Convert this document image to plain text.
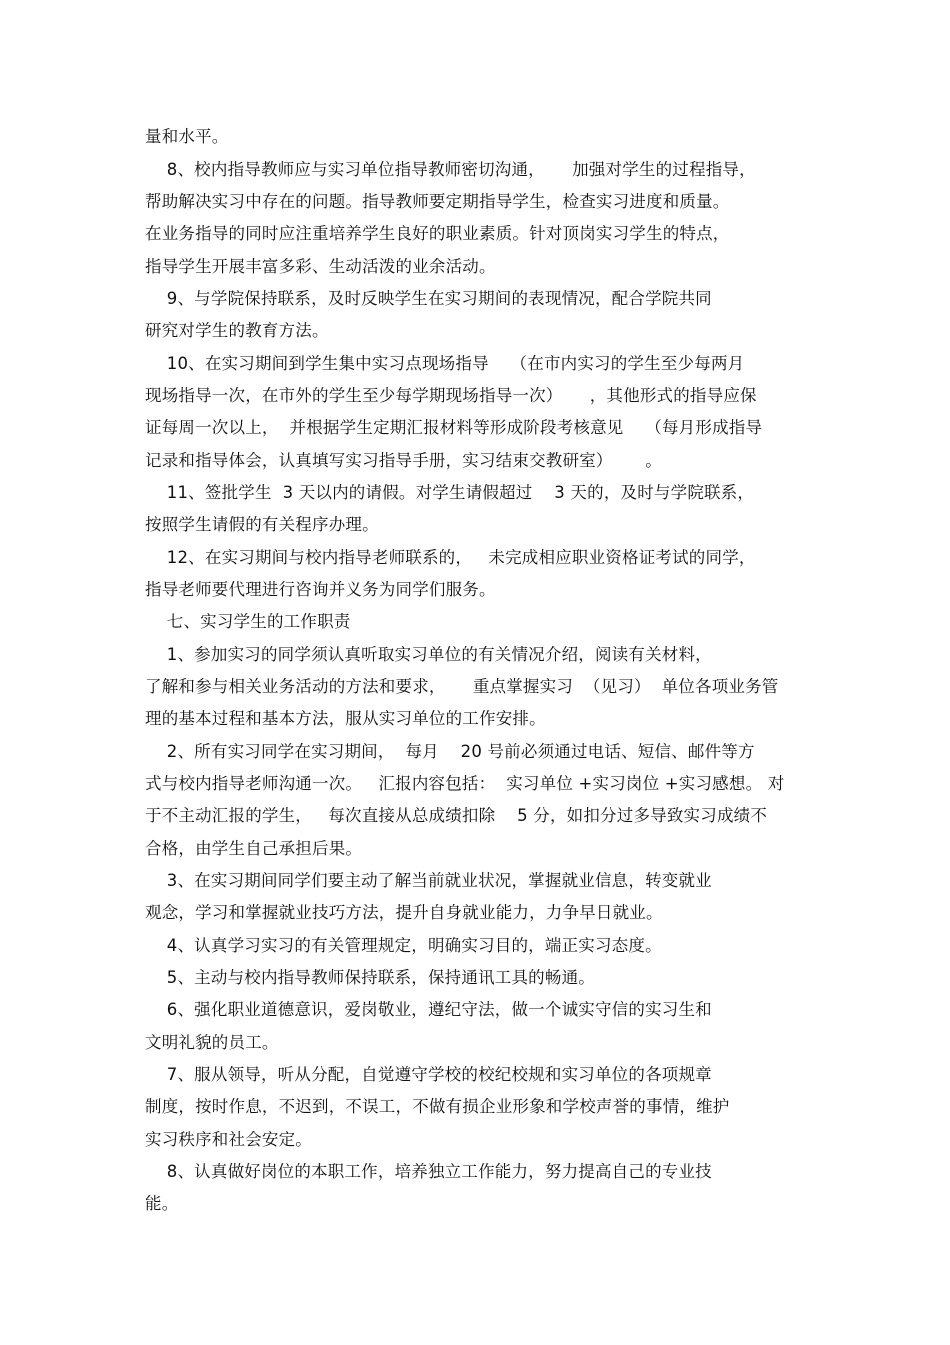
量和水平。
8、校内指导教师应与实习单位指导教师密切沟通，     加强对学生的过程指导，
帮助解决实习中存在的问题。指导教师要定期指导学生，检查实习进度和质量。
在业务指导的同时应注重培养学生良好的职业素质。针对顶岗实习学生的特点，
指导学生开展丰富多彩、生动活泼的业余活动。
9、与学院保持联系，及时反映学生在实习期间的表现情况，配合学院共同
研究对学生的教育方法。
10、在实习期间到学生集中实习点现场指导    （在市内实习的学生至少每两月
现场指导一次，在市外的学生至少每学期现场指导一次）     ，其他形式的指导应保
证每周一次以上，  并根据学生定期汇报材料等形成阶段考核意见    （每月形成指导
记录和指导体会，认真填写实习指导手册，实习结束交教研室）      。
11、签批学生  3 天以内的请假。对学生请假超过    3 天的，及时与学院联系，
按照学生请假的有关程序办理。
12、在实习期间与校内指导老师联系的，   未完成相应职业资格证考试的同学，
指导老师要代理进行咨询并义务为同学们服务。
七、实习学生的工作职责
1、参加实习的同学须认真听取实习单位的有关情况介绍，阅读有关材料，
了解和参与相关业务活动的方法和要求，     重点掌握实习  （见习）  单位各项业务管
理的基本过程和基本方法，服从实习单位的工作安排。
2、所有实习同学在实习期间，  每月    20 号前必须通过电话、短信、邮件等方
式与校内指导老师沟通一次。   汇报内容包括：  实习单位 +实习岗位 +实习感想。 对
于不主动汇报的学生，   每次直接从总成绩扣除    5 分，如扣分过多导致实习成绩不
合格，由学生自己承担后果。
3、在实习期间同学们要主动了解当前就业状况，掌握就业信息，转变就业
观念，学习和掌握就业技巧方法，提升自身就业能力，力争早日就业。
4、认真学习实习的有关管理规定，明确实习目的，端正实习态度。
5、主动与校内指导教师保持联系，保持通讯工具的畅通。
6、强化职业道德意识，爱岗敬业，遵纪守法，做一个诚实守信的实习生和
文明礼貌的员工。
7、服从领导，听从分配，自觉遵守学校的校纪校规和实习单位的各项规章
制度，按时作息，不迟到，不误工，不做有损企业形象和学校声誉的事情，维护
实习秩序和社会安定。
8、认真做好岗位的本职工作，培养独立工作能力，努力提高自己的专业技
能。
